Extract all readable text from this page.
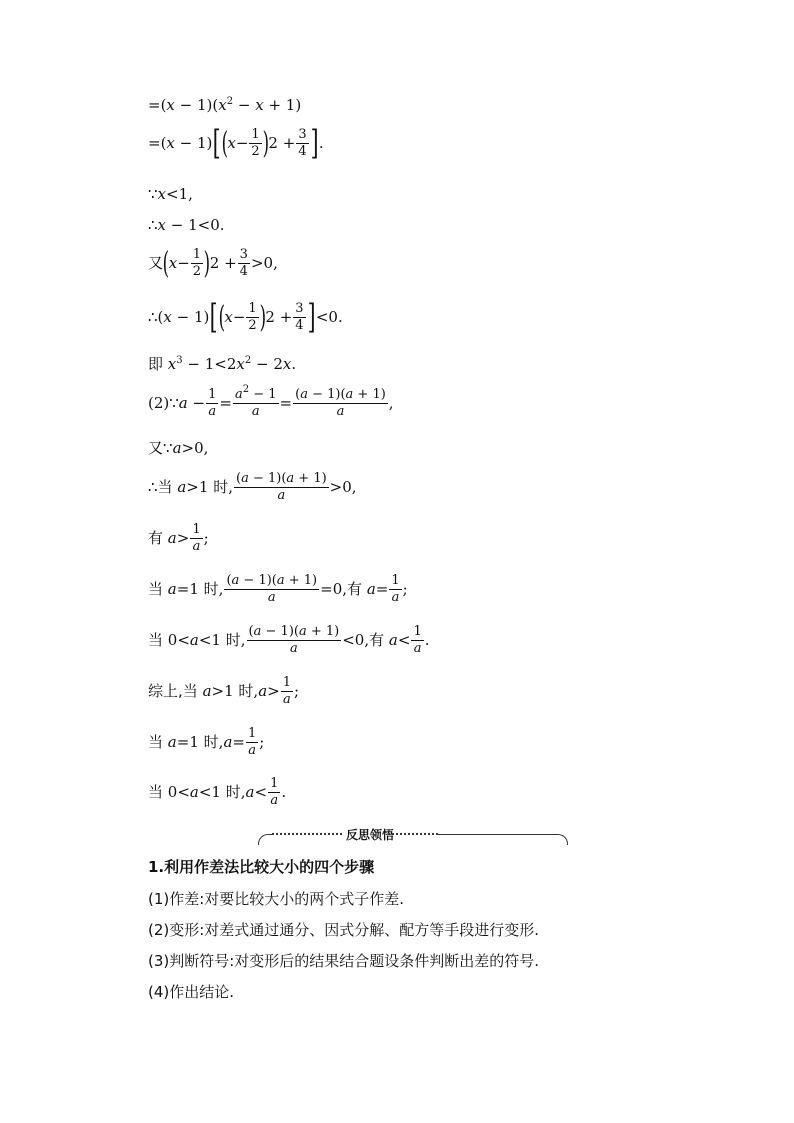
$=(x - 1)(x^2 - x + 1)$
=(x − 1) [ ( $x - \frac{1}{2}$ ) $2 + \frac{3}{4}$ ] .
∵x<1,
∴x − 1<0.
又 ( $x - \frac{1}{2}$ ) $2 + \frac{3}{4} >0$,
∴(x − 1) [ ( $x - \frac{1}{2}$ ) $2 + \frac{3}{4}$ ] <0.
即 $x^3 - 1<2x^2 - 2x$.
(2)∵a − $\frac{1}{a} = \frac{a^2 - 1}{a} = \frac{(a - 1)(a + 1)}{a}$ ,
又∵a>0,
∴当 a>1 时, $\frac{(a - 1)(a + 1)}{a} >0$,
有 $a> \frac{1}{a}$ ;
当 a=1 时, $\frac{(a - 1)(a + 1)}{a} =0$,有 $a= \frac{1}{a}$ ;
当 0<a<1 时, $\frac{(a - 1)(a + 1)}{a} <0$,有 $a< \frac{1}{a}$ .
综上,当 a>1 时$,a> \frac{1}{a}$ ;
当 a=1 时$,a= \frac{1}{a}$ ;
当 0<a<1 时$,a< \frac{1}{a}$ .
反思领悟
1.利用作差法比较大小的四个步骤
(1)作差:对要比较大小的两个式子作差.
(2)变形:对差式通过通分、因式分解、配方等手段进行变形.
(3)判断符号:对变形后的结果结合题设条件判断出差的符号.
(4)作出结论.
